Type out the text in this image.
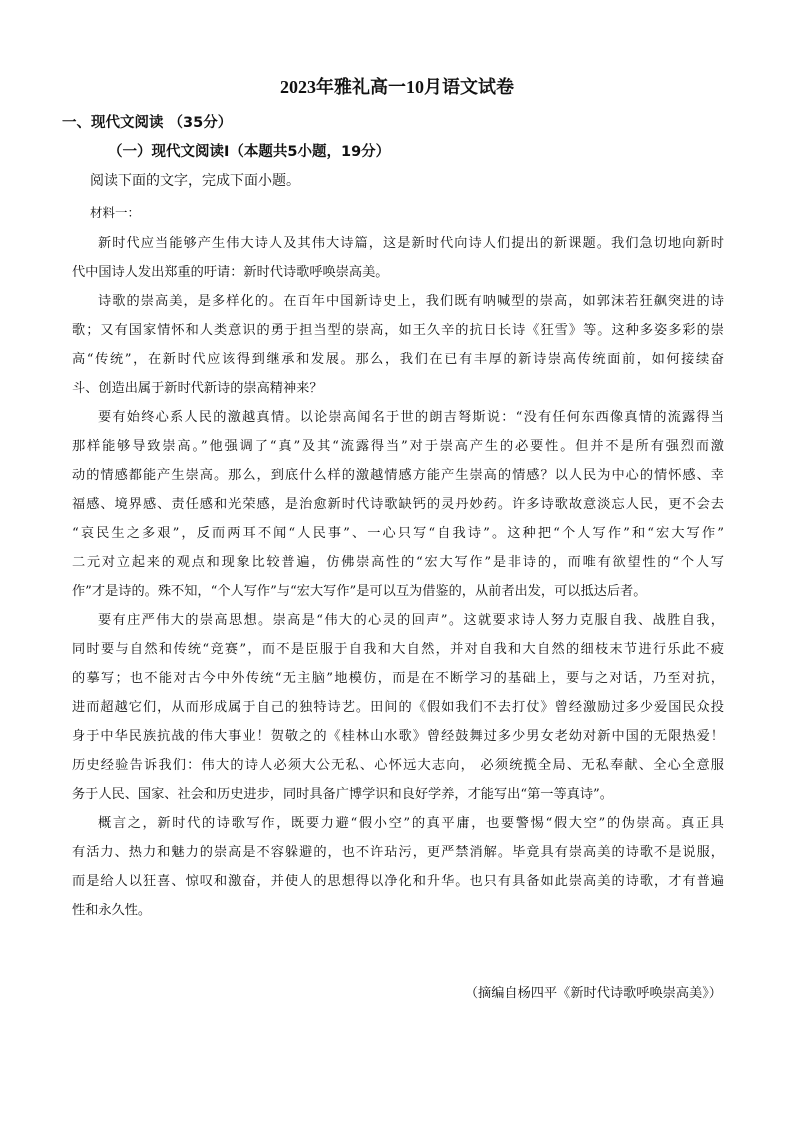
2023年雅礼高一10月语文试卷
一、现代文阅读 （35分）
（一）现代文阅读Ⅰ（本题共5小题，19分）
阅读下面的文字，完成下面小题。
材料一：
新时代应当能够产生伟大诗人及其伟大诗篇，这是新时代向诗人们提出的新课题。我们急切地向新时
代中国诗人发出郑重的吁请：新时代诗歌呼唤崇高美。
诗歌的崇高美，是多样化的。在百年中国新诗史上，我们既有呐喊型的崇高，如郭沫若狂飙突进的诗
歌；又有国家情怀和人类意识的勇于担当型的崇高，如王久辛的抗日长诗《狂雪》等。这种多姿多彩的崇
高“传统”，在新时代应该得到继承和发展。那么，我们在已有丰厚的新诗崇高传统面前，如何接续奋
斗、创造出属于新时代新诗的崇高精神来？
要有始终心系人民的激越真情。以论崇高闻名于世的朗吉弩斯说：“没有任何东西像真情的流露得当
那样能够导致崇高。”他强调了“真”及其“流露得当”对于崇高产生的必要性。但并不是所有强烈而激
动的情感都能产生崇高。那么，到底什么样的激越情感方能产生崇高的情感？以人民为中心的情怀感、幸
福感、境界感、责任感和光荣感，是治愈新时代诗歌缺钙的灵丹妙药。许多诗歌故意淡忘人民，更不会去
“哀民生之多艰”，反而两耳不闻“人民事”、一心只写“自我诗”。这种把“个人写作”和“宏大写作”
二元对立起来的观点和现象比较普遍，仿佛崇高性的“宏大写作”是非诗的，而唯有欲望性的“个人写
作”才是诗的。殊不知，“个人写作”与“宏大写作”是可以互为借鉴的，从前者出发，可以抵达后者。
要有庄严伟大的崇高思想。崇高是“伟大的心灵的回声”。这就要求诗人努力克服自我、战胜自我，
同时要与自然和传统“竞赛”，而不是臣服于自我和大自然，并对自我和大自然的细枝末节进行乐此不疲
的摹写；也不能对古今中外传统“无主脑”地模仿，而是在不断学习的基础上，要与之对话，乃至对抗，
进而超越它们，从而形成属于自己的独特诗艺。田间的《假如我们不去打仗》曾经激励过多少爱国民众投
身于中华民族抗战的伟大事业！贺敬之的《桂林山水歌》曾经鼓舞过多少男女老幼对新中国的无限热爱！
历史经验告诉我们：伟大的诗人必须大公无私、心怀远大志向， 必须统揽全局、无私奉献、全心全意服
务于人民、国家、社会和历史进步，同时具备广博学识和良好学养，才能写出“第一等真诗”。
概言之，新时代的诗歌写作，既要力避“假小空”的真平庸，也要警惕“假大空”的伪崇高。真正具
有活力、热力和魅力的崇高是不容躲避的，也不许玷污，更严禁消解。毕竟具有崇高美的诗歌不是说服，
而是给人以狂喜、惊叹和激奋，并使人的思想得以净化和升华。也只有具备如此崇高美的诗歌，才有普遍
性和永久性。
（摘编自杨四平《新时代诗歌呼唤崇高美》）
